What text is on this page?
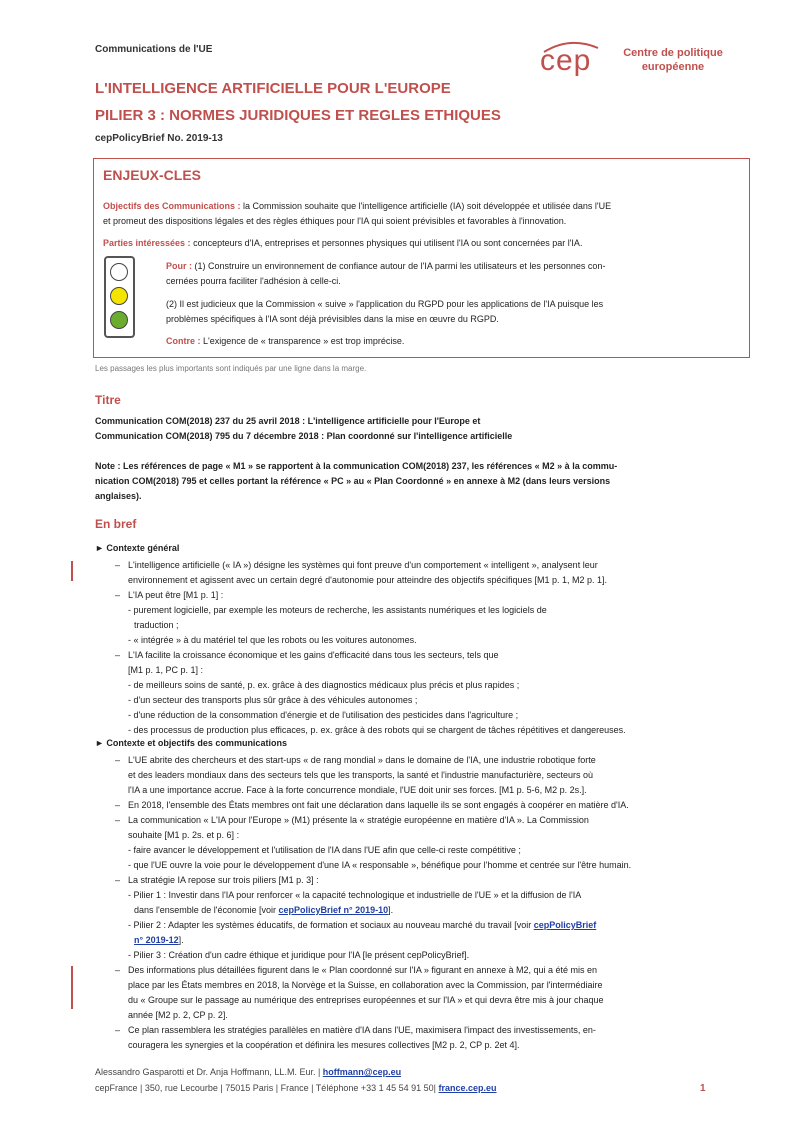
Communications de l'UE	cep	Centre de politique
européenne
L'INTELLIGENCE ARTIFICIELLE POUR L'EUROPE
PILIER 3 : NORMES JURIDIQUES ET REGLES ETHIQUES
cepPolicyBrief No. 2019-13
ENJEUX-CLES
Objectifs des Communications : la Commission souhaite que l'intelligence artificielle (IA) soit développée et utilisée dans l'UE
et promeut des dispositions légales et des règles éthiques pour l'IA qui soient prévisibles et favorables à l'innovation.
Parties intéressées : concepteurs d'IA, entreprises et personnes physiques qui utilisent l'IA ou sont concernées par l'IA.
Pour : (1) Construire un environnement de confiance autour de l'IA parmi les utilisateurs et les personnes con-
cernées pourra faciliter l'adhésion à celle-ci.
(2) Il est judicieux que la Commission « suive » l'application du RGPD pour les applications de l'IA puisque les
problèmes spécifiques à l'IA sont déjà prévisibles dans la mise en œuvre du RGPD.
Contre : L'exigence de « transparence » est trop imprécise.
Les passages les plus importants sont indiqués par une ligne dans la marge.
Titre
Communication COM(2018) 237 du 25 avril 2018 : L'intelligence artificielle pour l'Europe et
Communication COM(2018) 795 du 7 décembre 2018 : Plan coordonné sur l'intelligence artificielle
Note : Les références de page « M1 » se rapportent à la communication COM(2018) 237, les références « M2 » à la commu-
nication COM(2018) 795 et celles portant la référence « PC » au « Plan Coordonné » en annexe à M2 (dans leurs versions
anglaises).
En bref
► Contexte général
– L'intelligence artificielle (« IA ») désigne les systèmes qui font preuve d'un comportement « intelligent », analysent leur
environnement et agissent avec un certain degré d'autonomie pour atteindre des objectifs spécifiques [M1 p. 1, M2 p. 1].
– L'IA peut être [M1 p. 1] :
- purement logicielle, par exemple les moteurs de recherche, les assistants numériques et les logiciels de
traduction ;
- « intégrée » à du matériel tel que les robots ou les voitures autonomes.
– L'IA facilite la croissance économique et les gains d'efficacité dans tous les secteurs, tels que
[M1 p. 1, PC p. 1] :
- de meilleurs soins de santé, p. ex. grâce à des diagnostics médicaux plus précis et plus rapides ;
- d'un secteur des transports plus sûr grâce à des véhicules autonomes ;
- d'une réduction de la consommation d'énergie et de l'utilisation des pesticides dans l'agriculture ;
- des processus de production plus efficaces, p. ex. grâce à des robots qui se chargent de tâches répétitives et dangereuses.
► Contexte et objectifs des communications
– L'UE abrite des chercheurs et des start-ups « de rang mondial » dans le domaine de l'IA, une industrie robotique forte
et des leaders mondiaux dans des secteurs tels que les transports, la santé et l'industrie manufacturière, secteurs où
l'IA a une importance accrue. Face à la forte concurrence mondiale, l'UE doit unir ses forces. [M1 p. 5-6, M2 p. 2s.].
– En 2018, l'ensemble des États membres ont fait une déclaration dans laquelle ils se sont engagés à coopérer en matière d'IA.
– La communication « L'IA pour l'Europe » (M1) présente la « stratégie européenne en matière d'IA ». La Commission
souhaite [M1 p. 2s. et p. 6] :
- faire avancer le développement et l'utilisation de l'IA dans l'UE afin que celle-ci reste compétitive ;
- que l'UE ouvre la voie pour le développement d'une IA « responsable », bénéfique pour l'homme et centrée sur l'être humain.
– La stratégie IA repose sur trois piliers [M1 p. 3] :
- Pilier 1 : Investir dans l'IA pour renforcer « la capacité technologique et industrielle de l'UE » et la diffusion de l'IA
dans l'ensemble de l'économie [voir cepPolicyBrief n° 2019-10].
- Pilier 2 : Adapter les systèmes éducatifs, de formation et sociaux au nouveau marché du travail [voir cepPolicyBrief
n° 2019-12].
- Pilier 3 : Création d'un cadre éthique et juridique pour l'IA [le présent cepPolicyBrief].
– Des informations plus détaillées figurent dans le « Plan coordonné sur l'IA » figurant en annexe à M2, qui a été mis en
place par les États membres en 2018, la Norvège et la Suisse, en collaboration avec la Commission, par l'intermédiaire
du « Groupe sur le passage au numérique des entreprises européennes et sur l'IA » et qui devra être mis à jour chaque
année [M2 p. 2, CP p. 2].
– Ce plan rassemblera les stratégies parallèles en matière d'IA dans l'UE, maximisera l'impact des investissements, en-
couragera les synergies et la coopération et définira les mesures collectives [M2 p. 2, CP p. 2et 4].
Alessandro Gasparotti et Dr. Anja Hoffmann, LL.M. Eur. | hoffmann@cep.eu
cepFrance | 350, rue Lecourbe | 75015 Paris | France | Téléphone +33 1 45 54 91 50| france.cep.eu	1
